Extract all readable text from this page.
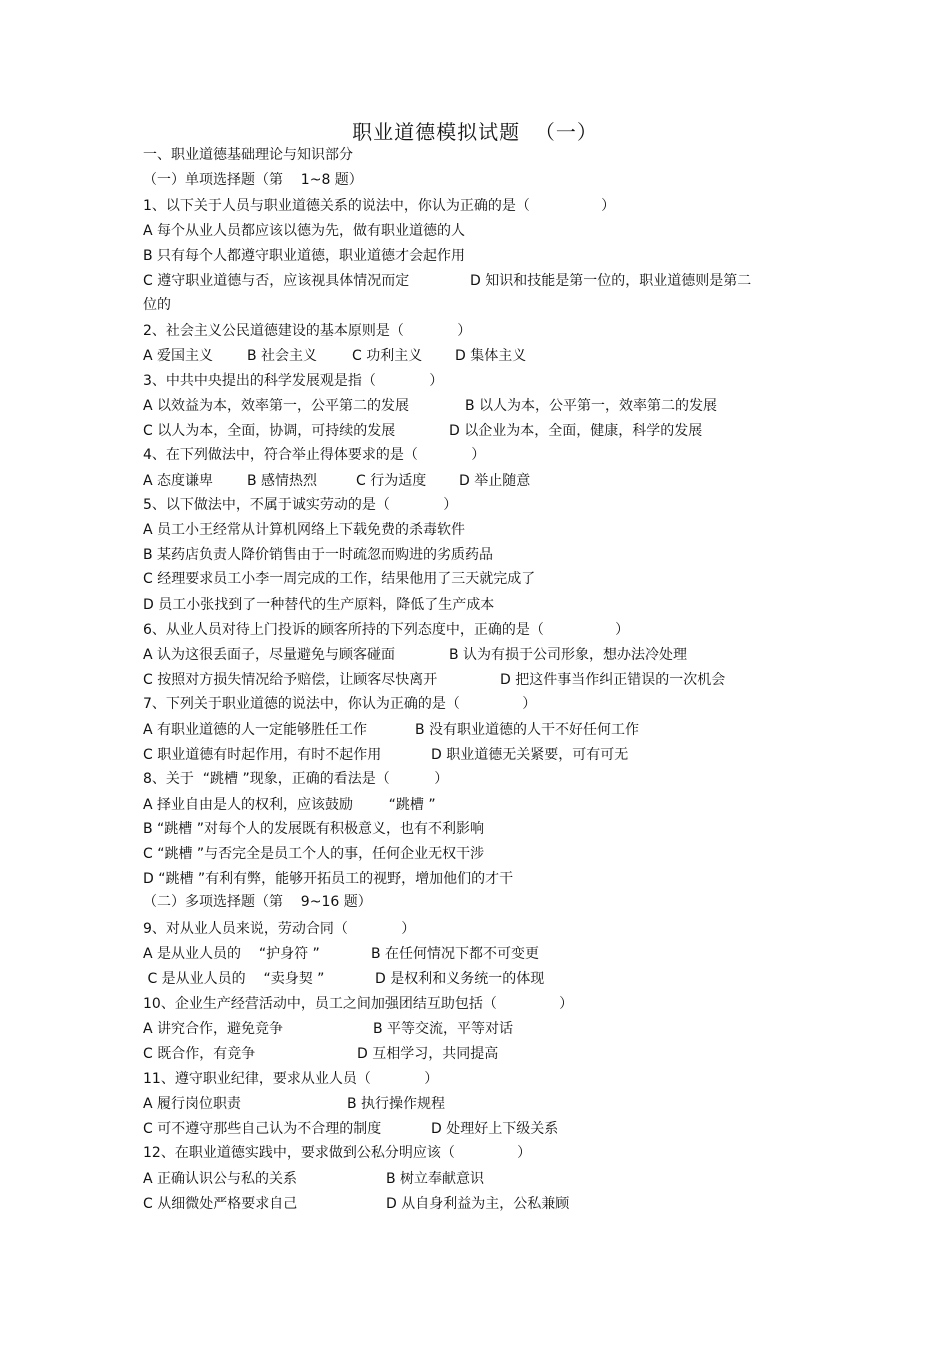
职业道德模拟试题  （一）
一、职业道德基础理论与知识部分
（一）单项选择题（第    1~8 题）
1、以下关于人员与职业道德关系的说法中，你认为正确的是（                ）
A 每个从业人员都应该以德为先，做有职业道德的人
B 只有每个人都遵守职业道德，职业道德才会起作用

C 遵守职业道德与否，应该视具体情况而定

	D 知识和技能是第一位的，职业道德则是第二

位的
2、社会主义公民道德建设的基本原则是（            ）

A 爱国主义

B 社会主义

C 功利主义

D 集体主义

3、中共中央提出的科学发展观是指（            ）

A 以效益为本，效率第一，公平第二的发展

	B 以人为本，公平第一，效率第二的发展

C 以人为本，全面，协调，可持续的发展

	D 以企业为本，全面，健康，科学的发展

4、在下列做法中，符合举止得体要求的是（            ）

A 态度谦卑

B 感情热烈

	C 行为适度

D 举止随意

5、以下做法中，不属于诚实劳动的是（            ）
A 员工小王经常从计算机网络上下载免费的杀毒软件
B 某药店负责人降价销售由于一时疏忽而购进的劣质药品
C 经理要求员工小李一周完成的工作，结果他用了三天就完成了
D 员工小张找到了一种替代的生产原料，降低了生产成本
6、从业人员对待上门投诉的顾客所持的下列态度中，正确的是（                ）

A 认为这很丢面子，尽量避免与顾客碰面

	B 认为有损于公司形象，想办法冷处理

C 按照对方损失情况给予赔偿，让顾客尽快离开

	D 把这件事当作纠正错误的一次机会

7、下列关于职业道德的说法中，你认为正确的是（              ）

A 有职业道德的人一定能够胜任工作

	B 没有职业道德的人干不好任何工作

C 职业道德有时起作用，有时不起作用

	D 职业道德无关紧要，可有可无

8、关于  “跳槽 ”现象，正确的看法是（          ）
A 择业自由是人的权利，应该鼓励        “跳槽 ”
B “跳槽 ”对每个人的发展既有积极意义，也有不利影响
C “跳槽 ”与否完全是员工个人的事，任何企业无权干涉
D “跳槽 ”有利有弊，能够开拓员工的视野，增加他们的才干
（二）多项选择题（第    9~16 题）
9、对从业人员来说，劳动合同（            ）

A 是从业人员的    “护身符 ”

	B 在任何情况下都不可变更

C 是从业人员的    “卖身契 ”

	D 是权利和义务统一的体现

10、企业生产经营活动中，员工之间加强团结互助包括（              ）

A 讲究合作，避免竞争

	B 平等交流，平等对话

C 既合作，有竞争

	D 互相学习，共同提高

11、遵守职业纪律，要求从业人员（            ）

A 履行岗位职责

	B 执行操作规程

C 可不遵守那些自己认为不合理的制度

	D 处理好上下级关系

12、在职业道德实践中，要求做到公私分明应该（              ）

A 正确认识公与私的关系

	B 树立奉献意识

C 从细微处严格要求自己

	D 从自身利益为主，公私兼顾
